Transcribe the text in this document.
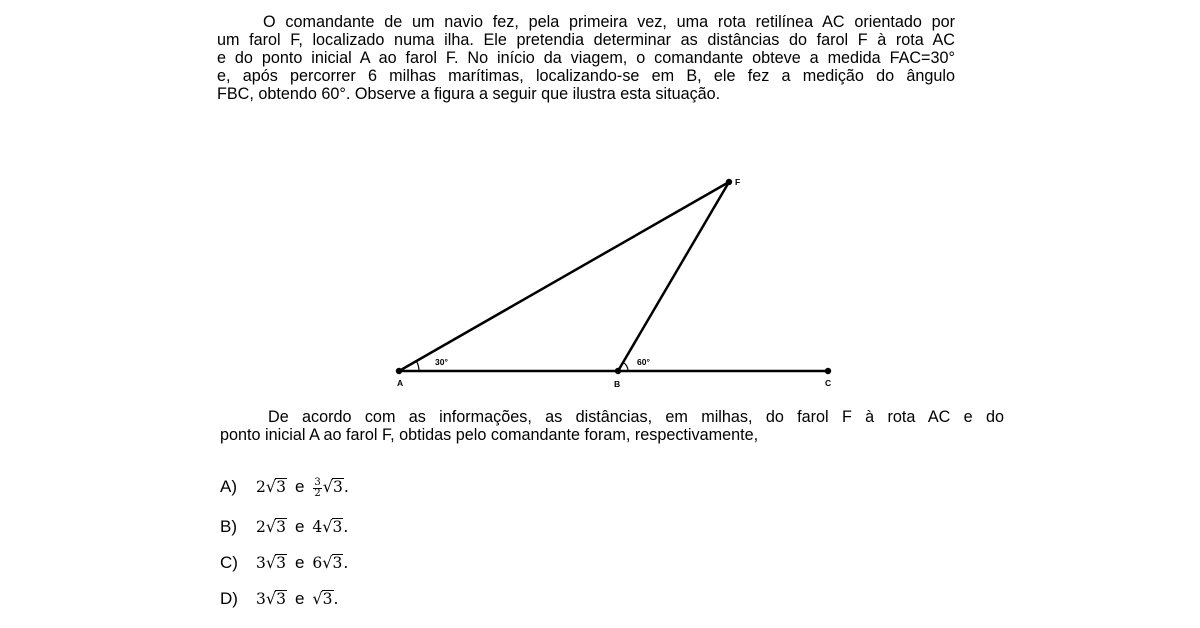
O comandante de um navio fez, pela primeira vez, uma rota retilínea AC orientado por
um farol F, localizado numa ilha. Ele pretendia determinar as distâncias do farol F à rota AC
e do ponto inicial A ao farol F. No início da viagem, o comandante obteve a medida FAC=30°
e, após percorrer 6 milhas marítimas, localizando-se em B, ele fez a medição do ângulo
FBC, obtendo 60°. Observe a figura a seguir que ilustra esta situação.
A	B	C
F
30°	60°
De acordo com as informações, as distâncias, em milhas, do farol F à rota AC e do
ponto inicial A ao farol F, obtidas pelo comandante foram, respectivamente,
A) 2√3 e $\frac{3}{2} √3$.
B) 2√3 e 4√3.
C) 3√3 e 6√3.
D) 3√3 e √3.
